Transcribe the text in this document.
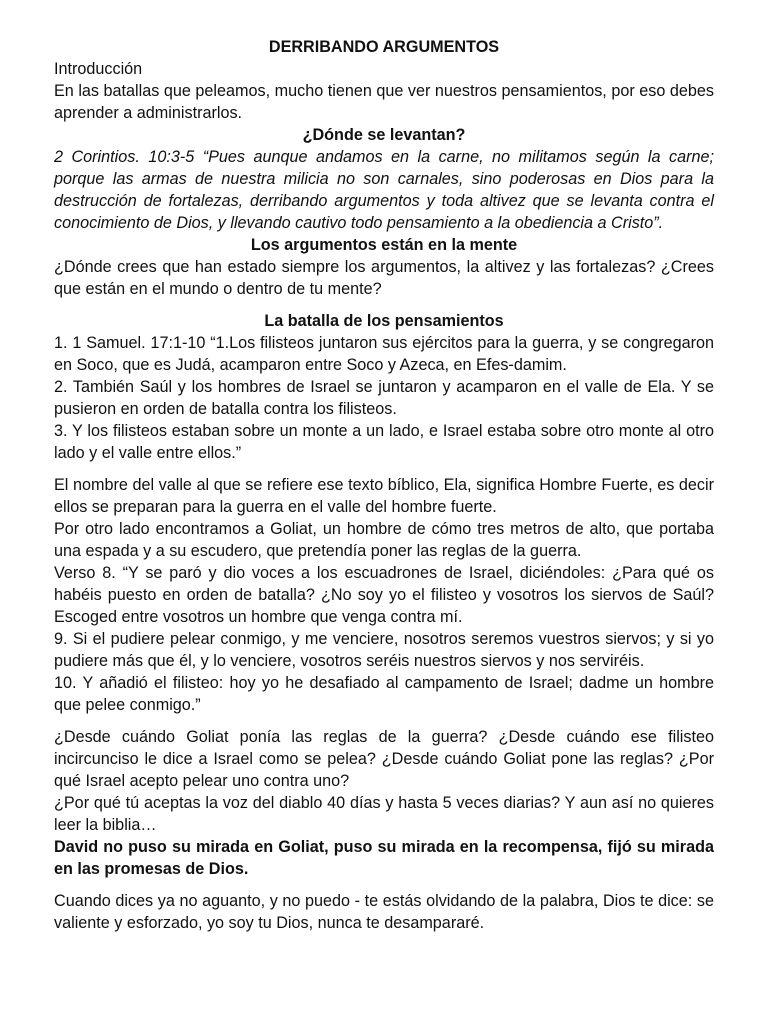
DERRIBANDO ARGUMENTOS

Introducción

En las batallas que peleamos, mucho tienen que ver nuestros pensamientos, por eso debes aprender a administrarlos.

¿Dónde se levantan?

2 Corintios. 10:3-5 “Pues aunque andamos en la carne, no militamos según la carne; porque las armas de nuestra milicia no son carnales, sino poderosas en Dios para la destrucción de fortalezas, derribando argumentos y toda altivez que se levanta contra el conocimiento de Dios, y llevando cautivo todo pensamiento a la obediencia a Cristo”.

Los argumentos están en la mente

¿Dónde crees que han estado siempre los argumentos, la altivez y las fortalezas? ¿Crees que están en el mundo o dentro de tu mente?

La batalla de los pensamientos

1. 1 Samuel. 17:1-10 “1.Los filisteos juntaron sus ejércitos para la guerra, y se congregaron en Soco, que es Judá, acamparon entre Soco y Azeca, en Efes-damim.

2. También Saúl y los hombres de Israel se juntaron y acamparon en el valle de Ela. Y se pusieron en orden de batalla contra los filisteos.

3. Y los filisteos estaban sobre un monte a un lado, e Israel estaba sobre otro monte al otro lado y el valle entre ellos.”

El nombre del valle al que se refiere ese texto bíblico, Ela, significa Hombre Fuerte, es decir ellos se preparan para la guerra en el valle del hombre fuerte.

Por otro lado encontramos a Goliat, un hombre de cómo tres metros de alto, que portaba una espada y a su escudero, que pretendía poner las reglas de la guerra.

Verso 8. “Y se paró y dio voces a los escuadrones de Israel, diciéndoles: ¿Para qué os habéis puesto en orden de batalla? ¿No soy yo el filisteo y vosotros los siervos de Saúl? Escoged entre vosotros un hombre que venga contra mí.

9. Si el pudiere pelear conmigo, y me venciere, nosotros seremos vuestros siervos; y si yo pudiere más que él, y lo venciere, vosotros seréis nuestros siervos y nos serviréis.

10. Y añadió el filisteo: hoy yo he desafiado al campamento de Israel; dadme un hombre que pelee conmigo.”

¿Desde cuándo Goliat ponía las reglas de la guerra? ¿Desde cuándo ese filisteo incircunciso le dice a Israel como se pelea? ¿Desde cuándo Goliat pone las reglas? ¿Por qué Israel acepto pelear uno contra uno?

¿Por qué tú aceptas la voz del diablo 40 días y hasta 5 veces diarias? Y aun así no quieres leer la biblia…

David no puso su mirada en Goliat, puso su mirada en la recompensa, fijó su mirada en las promesas de Dios.

Cuando dices ya no aguanto, y no puedo - te estás olvidando de la palabra, Dios te dice: se valiente y esforzado, yo soy tu Dios, nunca te desampararé.
